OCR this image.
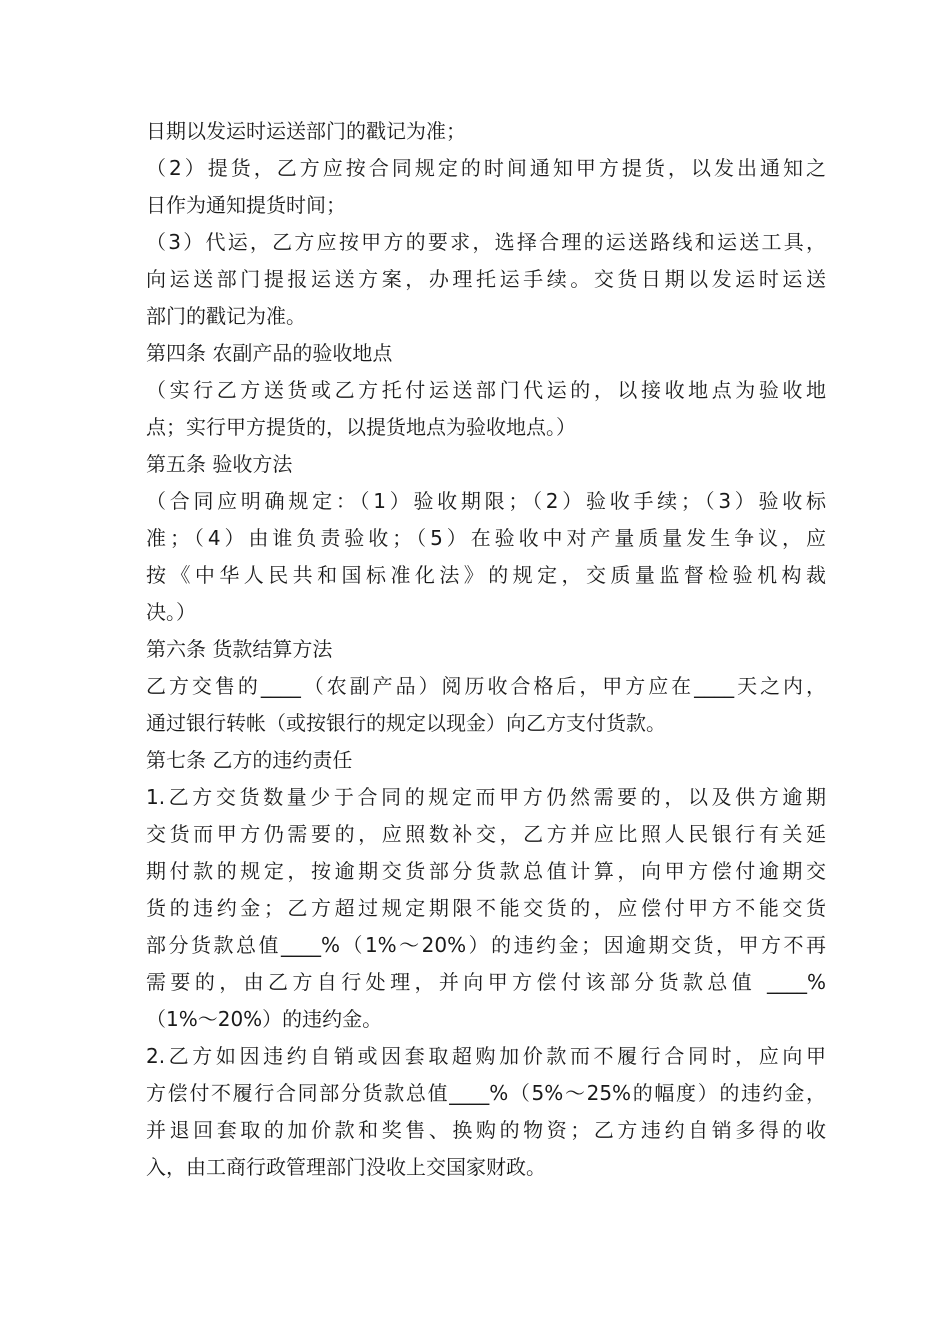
日期以发运时运送部门的戳记为准；
（2）提货，乙方应按合同规定的时间通知甲方提货，以发出通知之
日作为通知提货时间；
（3）代运，乙方应按甲方的要求，选择合理的运送路线和运送工具，
向运送部门提报运送方案，办理托运手续。交货日期以发运时运送
部门的戳记为准。
第四条 农副产品的验收地点
（实行乙方送货或乙方托付运送部门代运的，以接收地点为验收地
点；实行甲方提货的，以提货地点为验收地点。）
第五条 验收方法
（合同应明确规定：（1）验收期限；（2）验收手续；（3）验收标
准；（4）由谁负责验收；（5）在验收中对产量质量发生争议，应
按《中华人民共和国标准化法》的规定，交质量监督检验机构裁
决。）
第六条 货款结算方法
乙方交售的____（农副产品）阅历收合格后，甲方应在____天之内，
通过银行转帐（或按银行的规定以现金）向乙方支付货款。
第七条 乙方的违约责任
1.乙方交货数量少于合同的规定而甲方仍然需要的，以及供方逾期
交货而甲方仍需要的，应照数补交，乙方并应比照人民银行有关延
期付款的规定，按逾期交货部分货款总值计算，向甲方偿付逾期交
货的违约金；乙方超过规定期限不能交货的，应偿付甲方不能交货
部分货款总值____%（1%～20%）的违约金；因逾期交货，甲方不再
需要的，由乙方自行处理，并向甲方偿付该部分货款总值 ____%
（1%～20%）的违约金。
2.乙方如因违约自销或因套取超购加价款而不履行合同时，应向甲
方偿付不履行合同部分货款总值____%（5%～25%的幅度）的违约金，
并退回套取的加价款和奖售、换购的物资；乙方违约自销多得的收
入，由工商行政管理部门没收上交国家财政。
